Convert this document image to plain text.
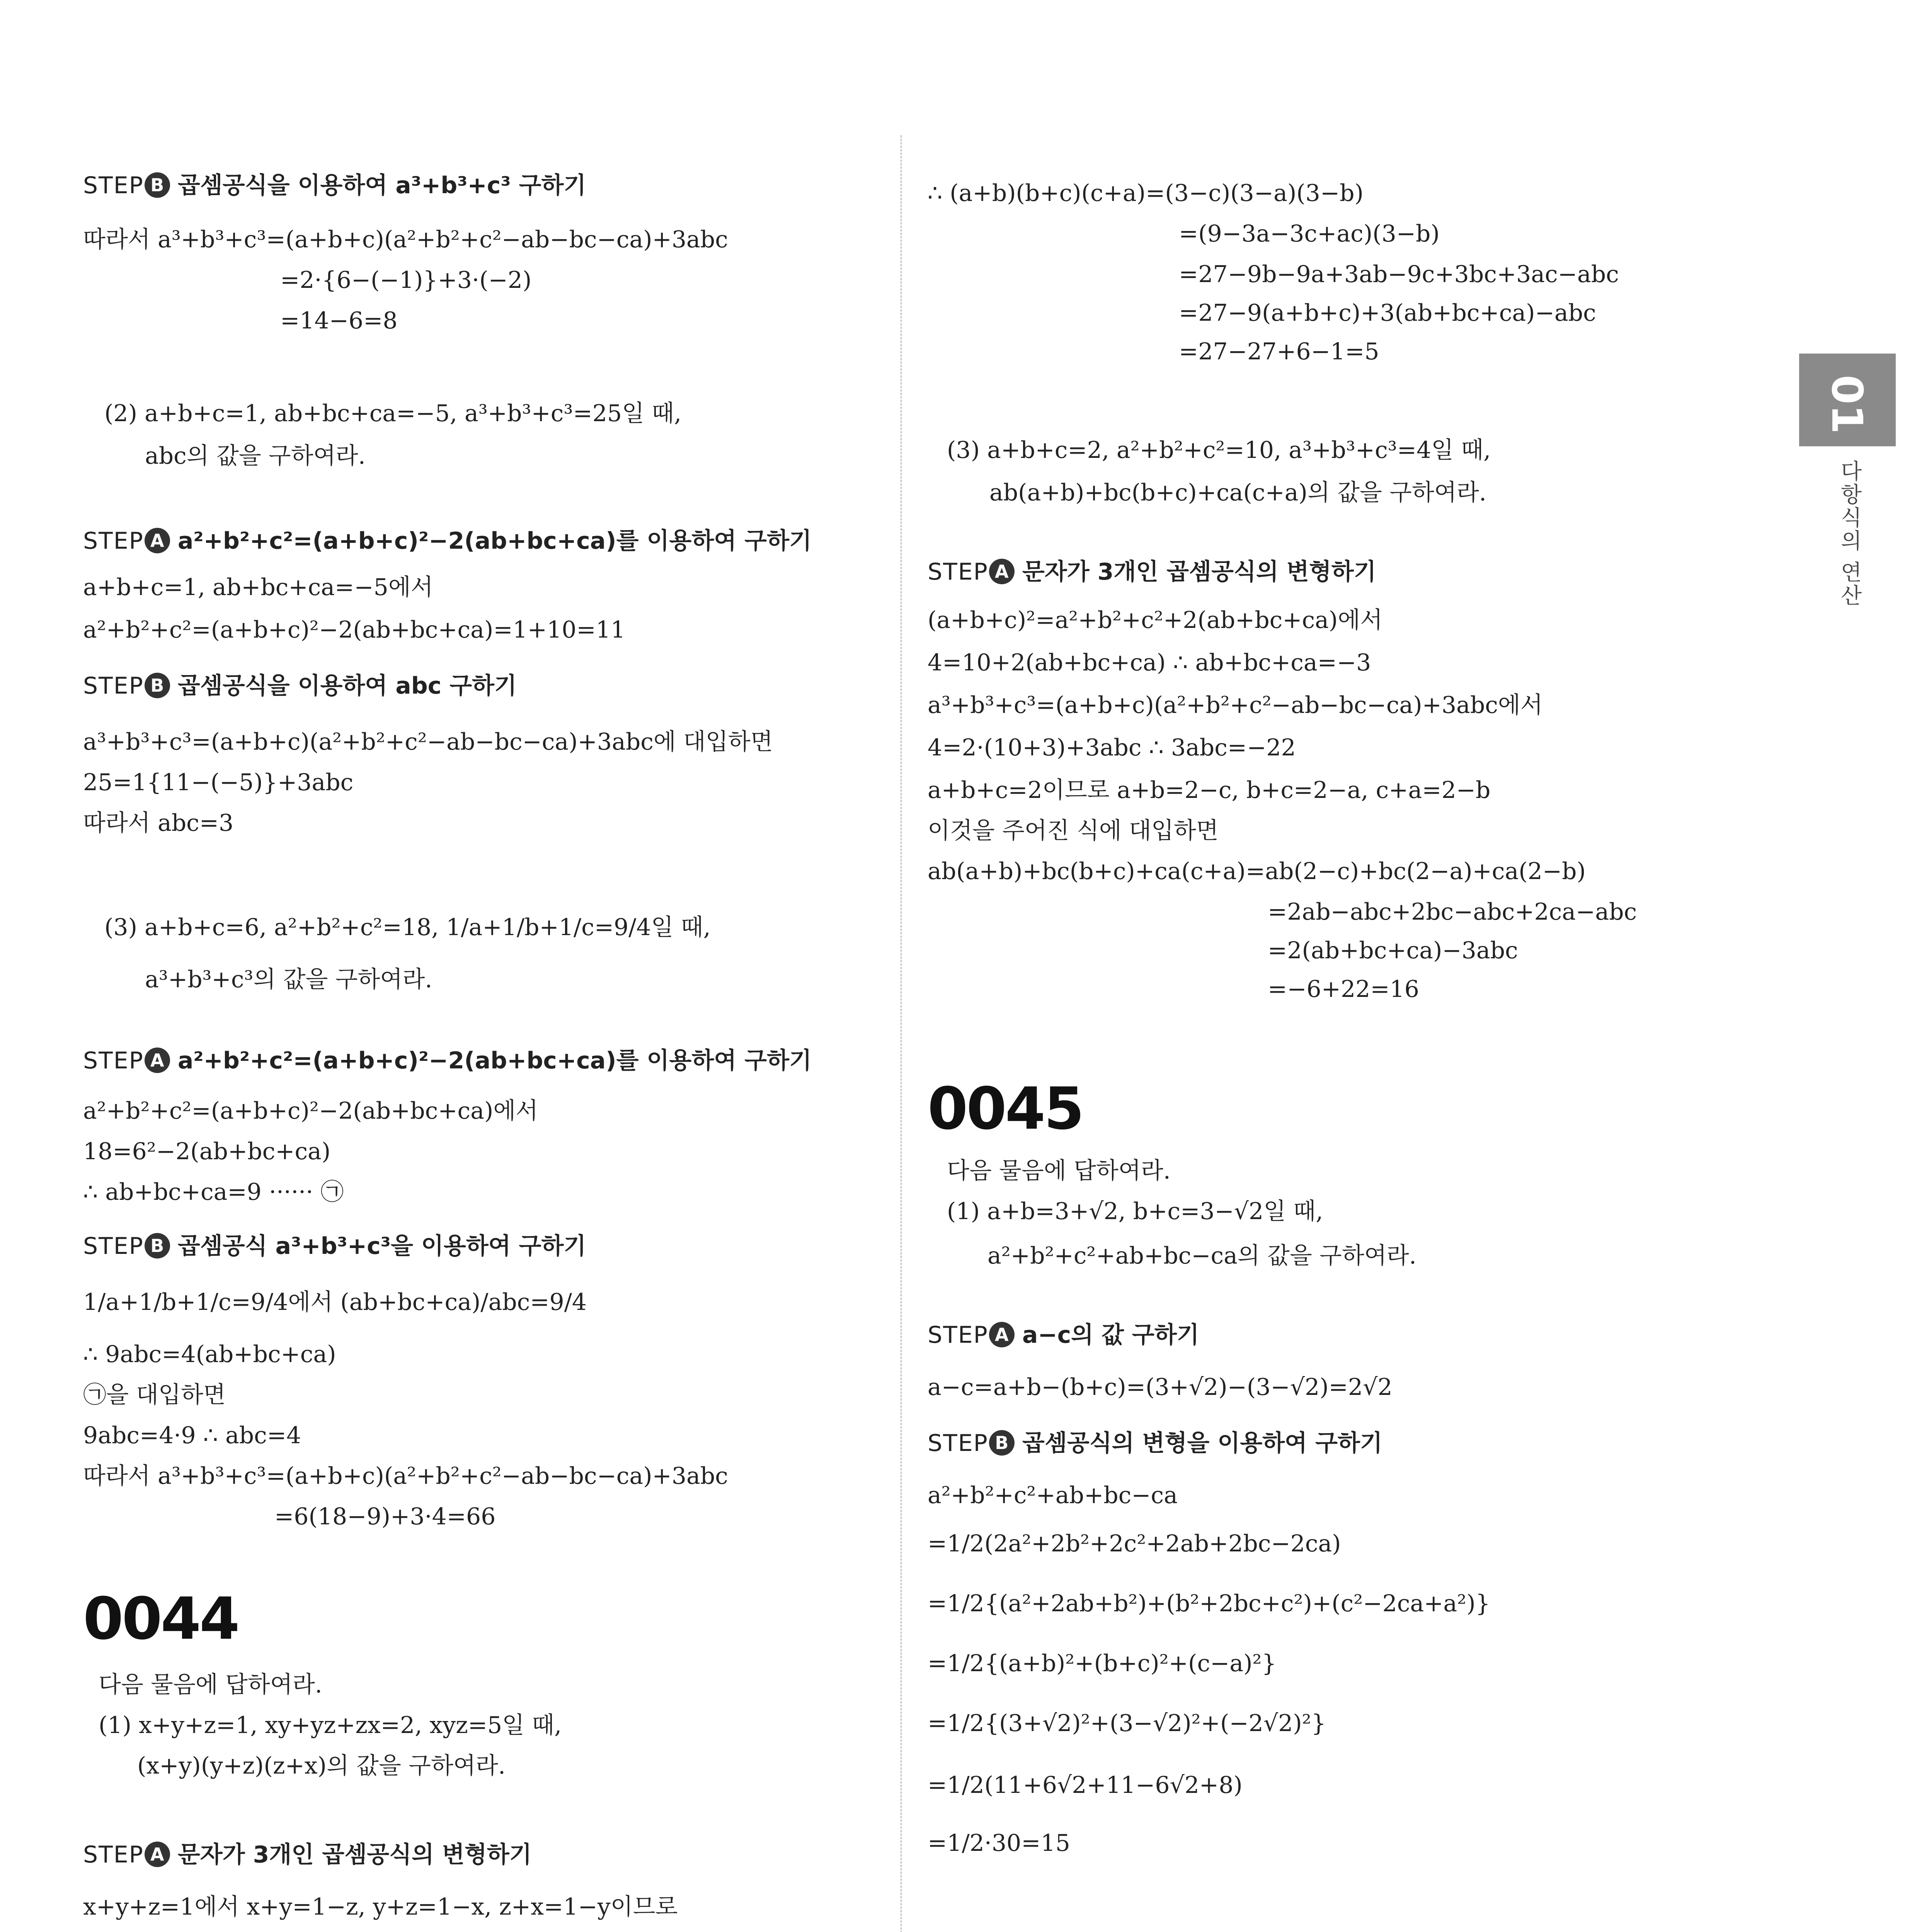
01
다항식의 연산
STEP B 곱셈공식을 이용하여 a³+b³+c³ 구하기
따라서 a³+b³+c³=(a+b+c)(a²+b²+c²−ab−bc−ca)+3abc
=2·{6−(−1)}+3·(−2)
=14−6=8
(2) a+b+c=1, ab+bc+ca=−5, a³+b³+c³=25일 때,
abc의 값을 구하여라.
STEP A a²+b²+c²=(a+b+c)²−2(ab+bc+ca)를 이용하여 구하기
a+b+c=1, ab+bc+ca=−5에서
a²+b²+c²=(a+b+c)²−2(ab+bc+ca)=1+10=11
STEP B 곱셈공식을 이용하여 abc 구하기
a³+b³+c³=(a+b+c)(a²+b²+c²−ab−bc−ca)+3abc에 대입하면
25=1{11−(−5)}+3abc
따라서 abc=3
(3) a+b+c=6, a²+b²+c²=18, 1/a+1/b+1/c=9/4일 때,
a³+b³+c³의 값을 구하여라.
STEP A a²+b²+c²=(a+b+c)²−2(ab+bc+ca)를 이용하여 구하기
a²+b²+c²=(a+b+c)²−2(ab+bc+ca)에서
18=6²−2(ab+bc+ca)
∴ ab+bc+ca=9 ······ ㉠
STEP B 곱셈공식 a³+b³+c³을 이용하여 구하기
1/a+1/b+1/c=9/4에서 (ab+bc+ca)/abc=9/4
∴ 9abc=4(ab+bc+ca)
㉠을 대입하면
9abc=4·9 ∴ abc=4
따라서 a³+b³+c³=(a+b+c)(a²+b²+c²−ab−bc−ca)+3abc
=6(18−9)+3·4=66
0044
다음 물음에 답하여라.
(1) x+y+z=1, xy+yz+zx=2, xyz=5일 때,
(x+y)(y+z)(z+x)의 값을 구하여라.
STEP A 문자가 3개인 곱셈공식의 변형하기
x+y+z=1에서 x+y=1−z, y+z=1−x, z+x=1−y이므로
∴ (a+b)(b+c)(c+a)=(3−c)(3−a)(3−b)
=(9−3a−3c+ac)(3−b)
=27−9b−9a+3ab−9c+3bc+3ac−abc
=27−9(a+b+c)+3(ab+bc+ca)−abc
=27−27+6−1=5
(3) a+b+c=2, a²+b²+c²=10, a³+b³+c³=4일 때,
ab(a+b)+bc(b+c)+ca(c+a)의 값을 구하여라.
STEP A 문자가 3개인 곱셈공식의 변형하기
(a+b+c)²=a²+b²+c²+2(ab+bc+ca)에서
4=10+2(ab+bc+ca) ∴ ab+bc+ca=−3
a³+b³+c³=(a+b+c)(a²+b²+c²−ab−bc−ca)+3abc에서
4=2·(10+3)+3abc ∴ 3abc=−22
a+b+c=2이므로 a+b=2−c, b+c=2−a, c+a=2−b
이것을 주어진 식에 대입하면
ab(a+b)+bc(b+c)+ca(c+a)=ab(2−c)+bc(2−a)+ca(2−b)
=2ab−abc+2bc−abc+2ca−abc
=2(ab+bc+ca)−3abc
=−6+22=16
0045
다음 물음에 답하여라.
(1) a+b=3+√2, b+c=3−√2일 때,
a²+b²+c²+ab+bc−ca의 값을 구하여라.
STEP A a−c의 값 구하기
a−c=a+b−(b+c)=(3+√2)−(3−√2)=2√2
STEP B 곱셈공식의 변형을 이용하여 구하기
a²+b²+c²+ab+bc−ca
=1/2(2a²+2b²+2c²+2ab+2bc−2ca)
=1/2{(a²+2ab+b²)+(b²+2bc+c²)+(c²−2ca+a²)}
=1/2{(a+b)²+(b+c)²+(c−a)²}
=1/2{(3+√2)²+(3−√2)²+(−2√2)²}
=1/2(11+6√2+11−6√2+8)
=1/2·30=15
